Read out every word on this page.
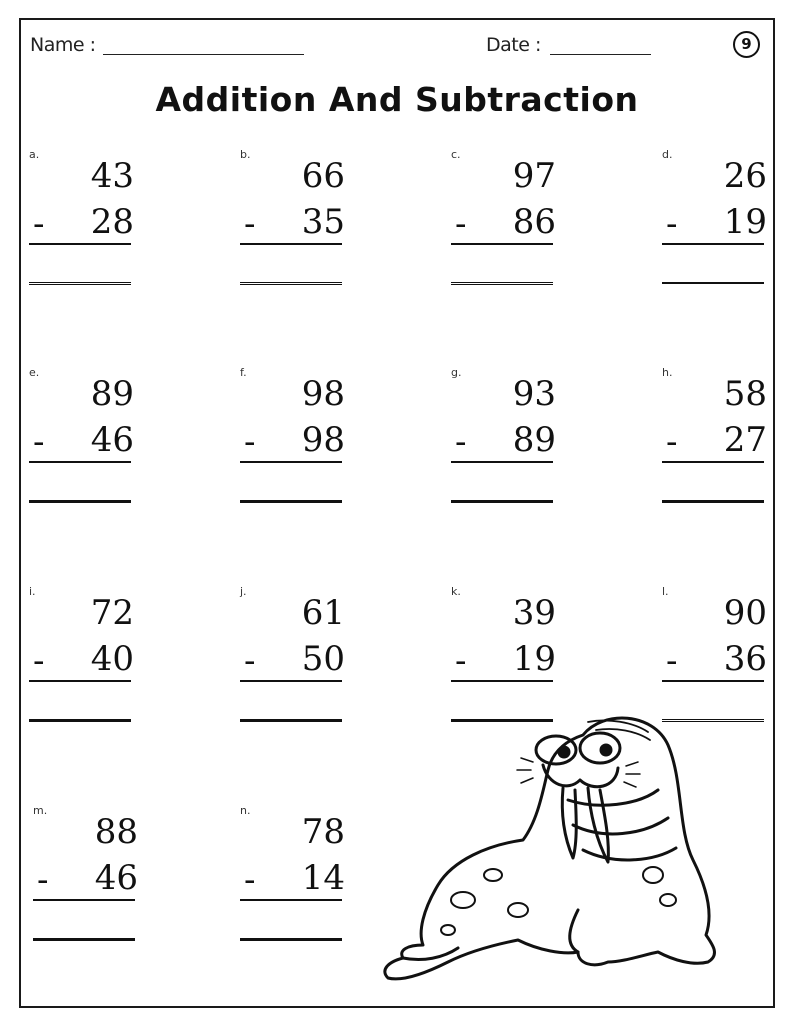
Name :	Date :	9
Addition And Subtraction
a.
43
-	28
b.
66
-	35
c.
97
-	86
d.
26
-	19
e.
89
-	46
f.
98
-	98
g.
93
-	89
h.
58
-	27
i.
72
-	40
j.
61
-	50
k.
39
-	19
l.
90
-	36
m.
88
-	46
n.
78
-	14
